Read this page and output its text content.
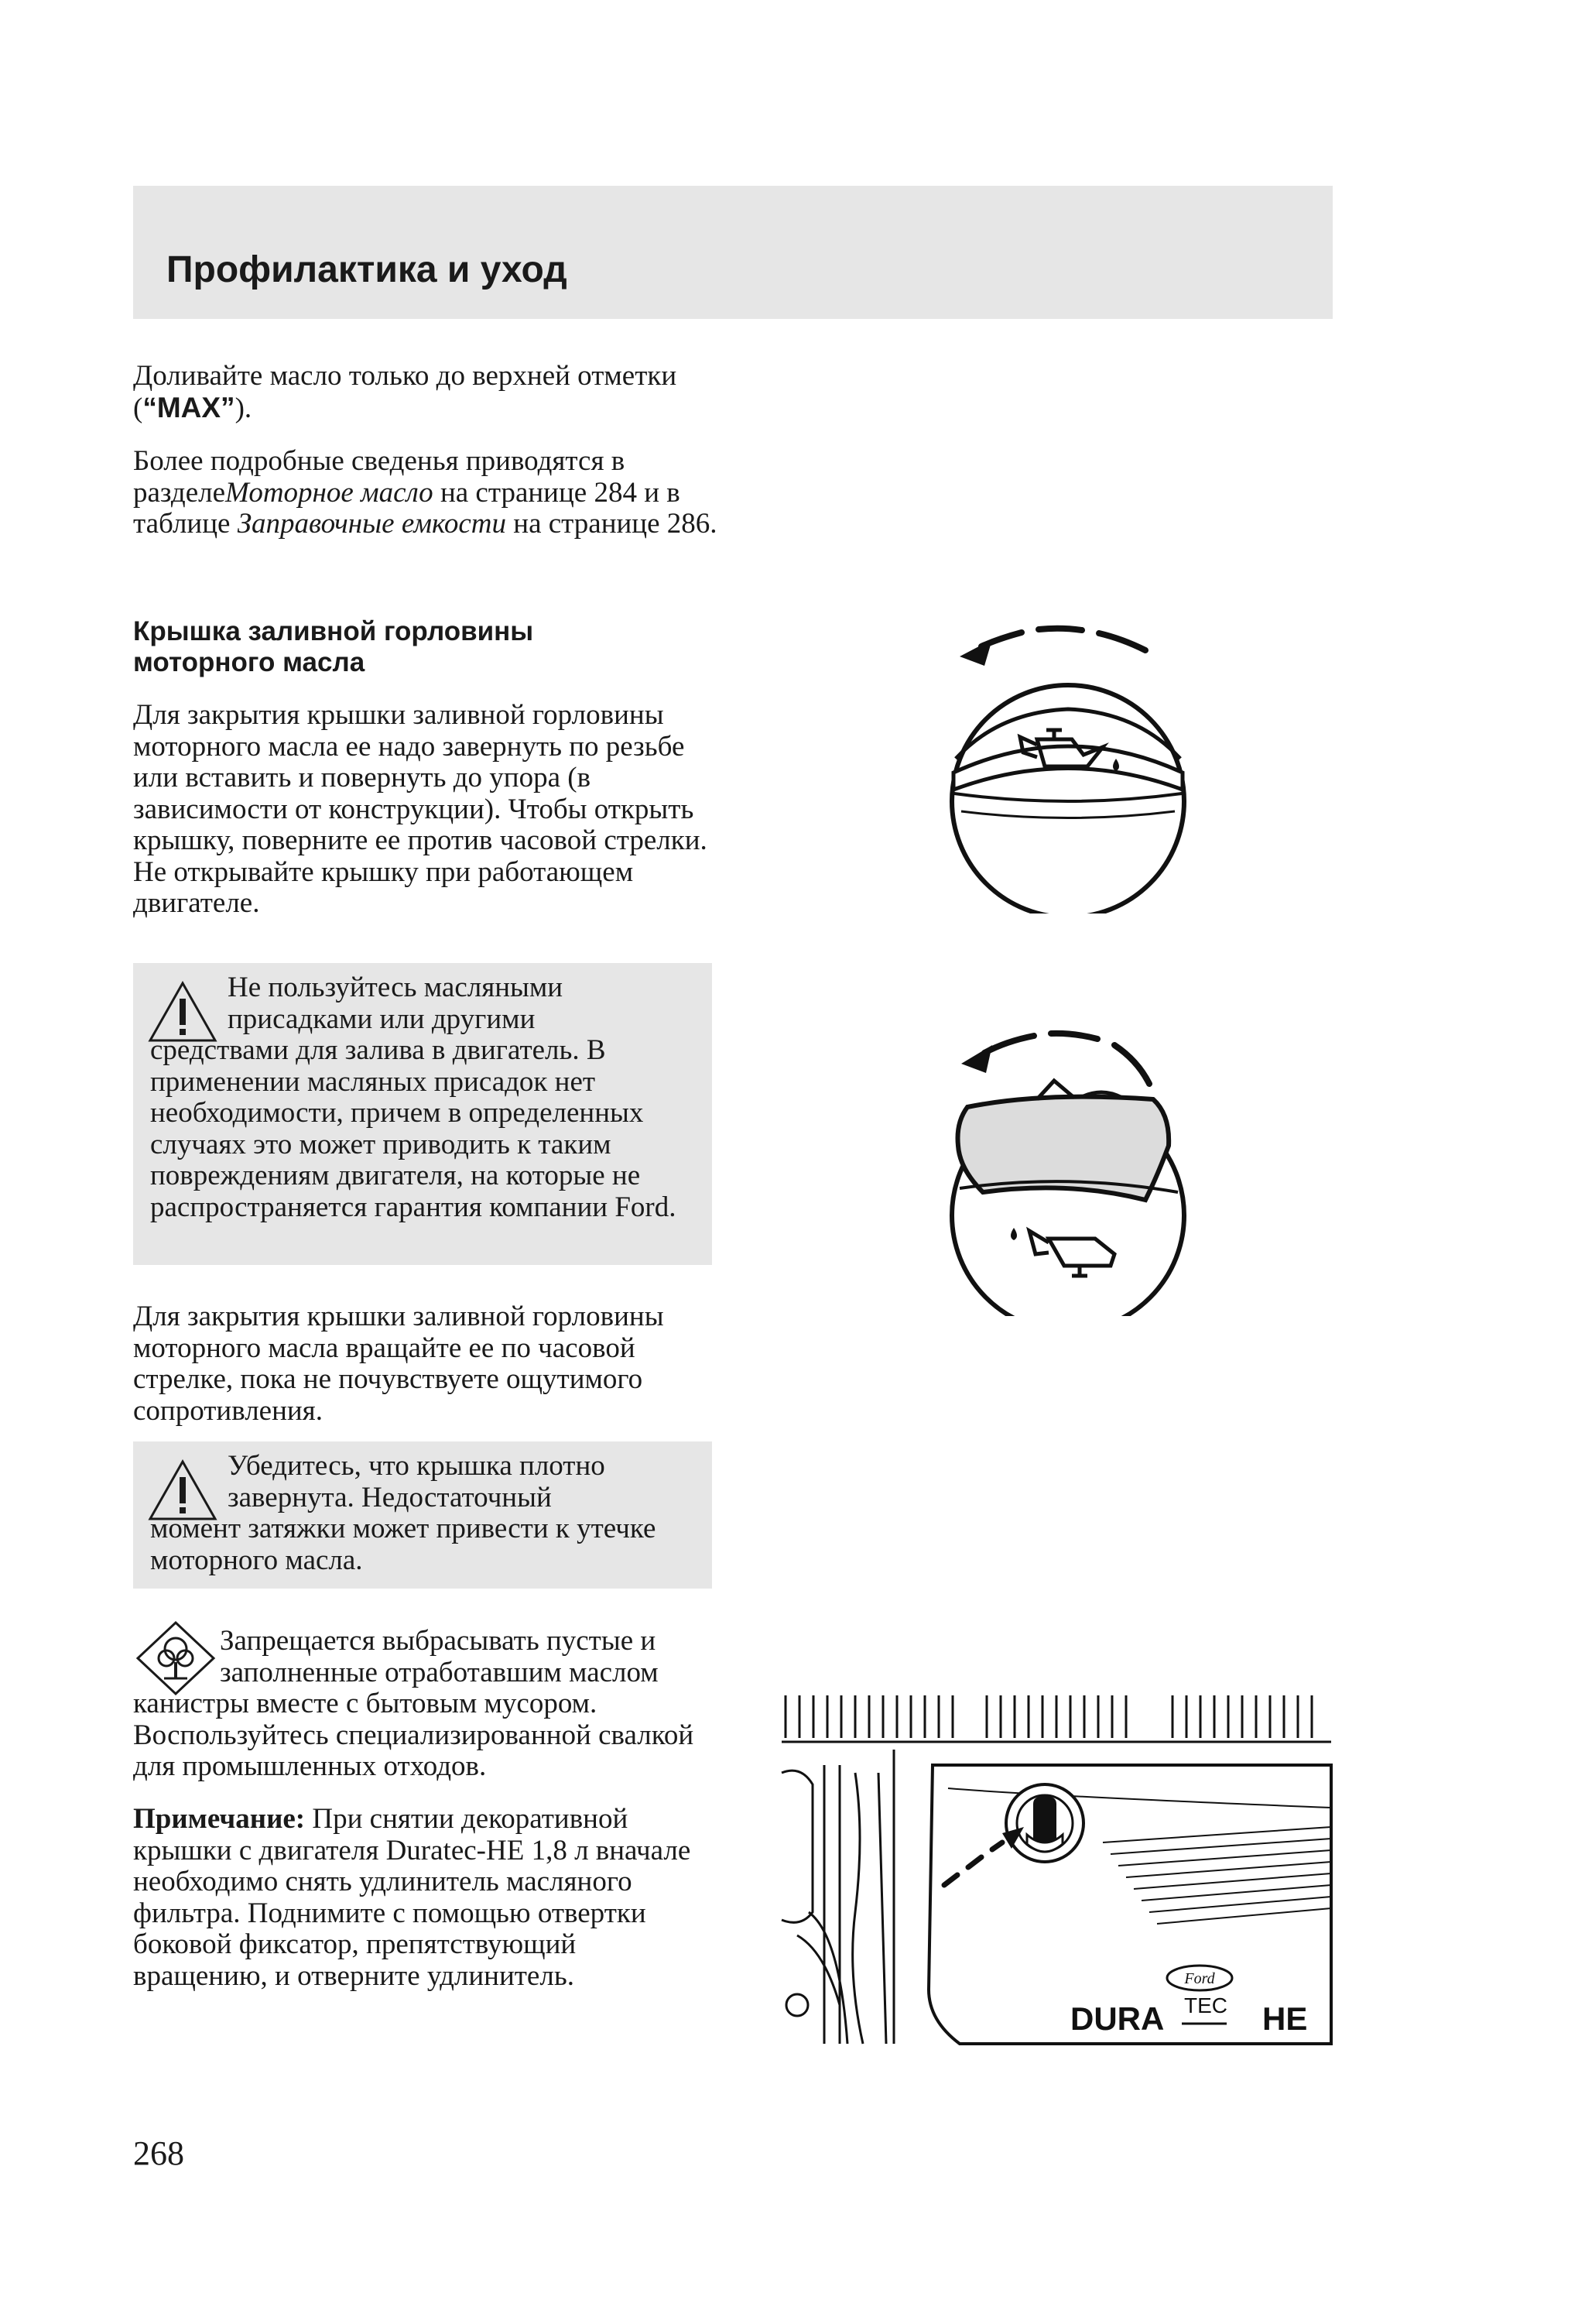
Профилактика и уход

Доливайте масло только до верхней отметки (“MAX”).

Более подробные сведенья приводятся в разделеМоторное масло на странице 284 и в таблице Заправочные емкости на странице 286.

Крышка заливной горловины
моторного масла

Для закрытия крышки заливной горловины моторного масла ее надо завернуть по резьбе или вставить и повернуть до упора (в зависимости от конструкции). Чтобы открыть крышку, поверните ее против часовой стрелки. Не открывайте крышку при работающем двигателе.

Не пользуйтесь масляными присадками или другими
средствами для залива в двигатель. В применении масляных присадок нет необходимости, причем в определенных случаях это может приводить к таким повреждениям двигателя, на которые не распространяется гарантия компании Ford.

Для закрытия крышки заливной горловины моторного масла вращайте ее по часовой стрелке, пока не почувствуете ощутимого сопротивления.

Убедитесь, что крышка плотно завернута. Недостаточный
момент затяжки может привести к утечке моторного масла.

Запрещается выбрасывать пустые и заполненные отработавшим маслом
канистры вместе с бытовым мусором. Воспользуйтесь специализированной свалкой для промышленных отходов.

Примечание: При снятии декоративной крышки с двигателя Duratec-HE 1,8 л вначале необходимо снять удлинитель масляного фильтра. Поднимите с помощью отвертки боковой фиксатор, препятствующий вращению, и отверните удлинитель.

268

Ford
DURA TEC HE
